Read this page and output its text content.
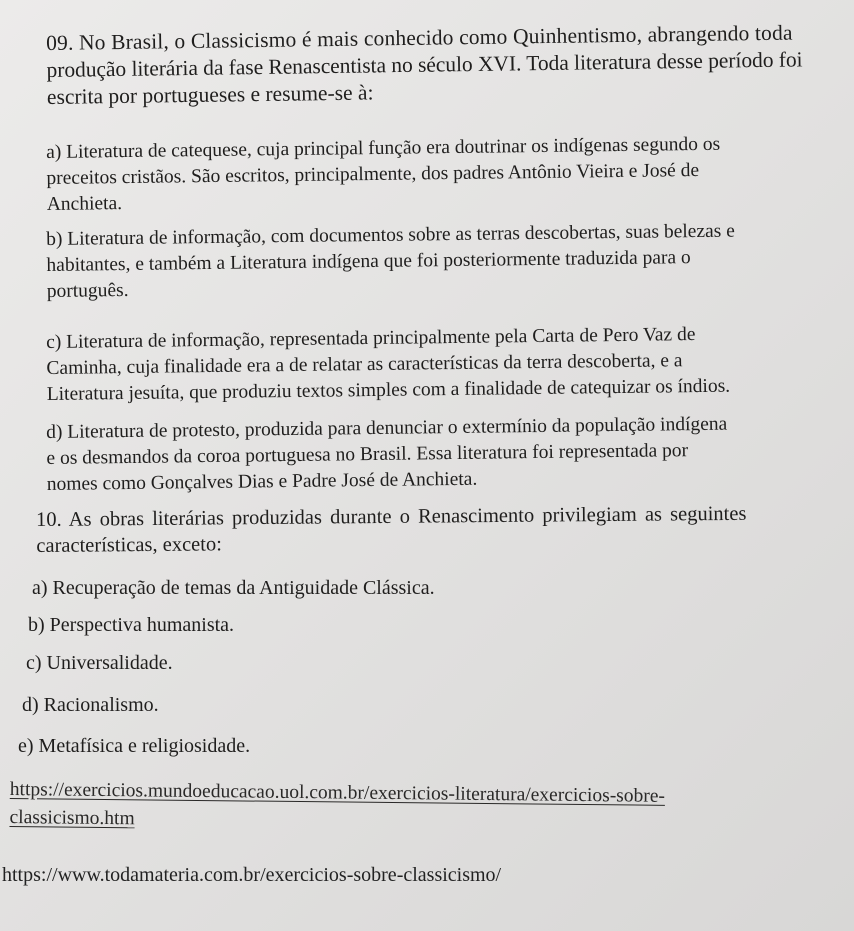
09. No Brasil, o Classicismo é mais conhecido como Quinhentismo, abrangendo toda
produção literária da fase Renascentista no século XVI. Toda literatura desse período foi
escrita por portugueses e resume-se à:

a) Literatura de catequese, cuja principal função era doutrinar os indígenas segundo os
preceitos cristãos. São escritos, principalmente, dos padres Antônio Vieira e José de
Anchieta.

b) Literatura de informação, com documentos sobre as terras descobertas, suas belezas e
habitantes, e também a Literatura indígena que foi posteriormente traduzida para o
português.

c) Literatura de informação, representada principalmente pela Carta de Pero Vaz de
Caminha, cuja finalidade era a de relatar as características da terra descoberta, e a
Literatura jesuíta, que produziu textos simples com a finalidade de catequizar os índios.

d) Literatura de protesto, produzida para denunciar o extermínio da população indígena
e os desmandos da coroa portuguesa no Brasil. Essa literatura foi representada por
nomes como Gonçalves Dias e Padre José de Anchieta.

10. As obras literárias produzidas durante o Renascimento privilegiam as seguintes
características, exceto:

a) Recuperação de temas da Antiguidade Clássica.
b) Perspectiva humanista.
c) Universalidade.
d) Racionalismo.
e) Metafísica e religiosidade.
https://exercicios.mundoeducacao.uol.com.br/exercicios-literatura/exercicios-sobre-
classicismo.htm
https://www.todamateria.com.br/exercicios-sobre-classicismo/
